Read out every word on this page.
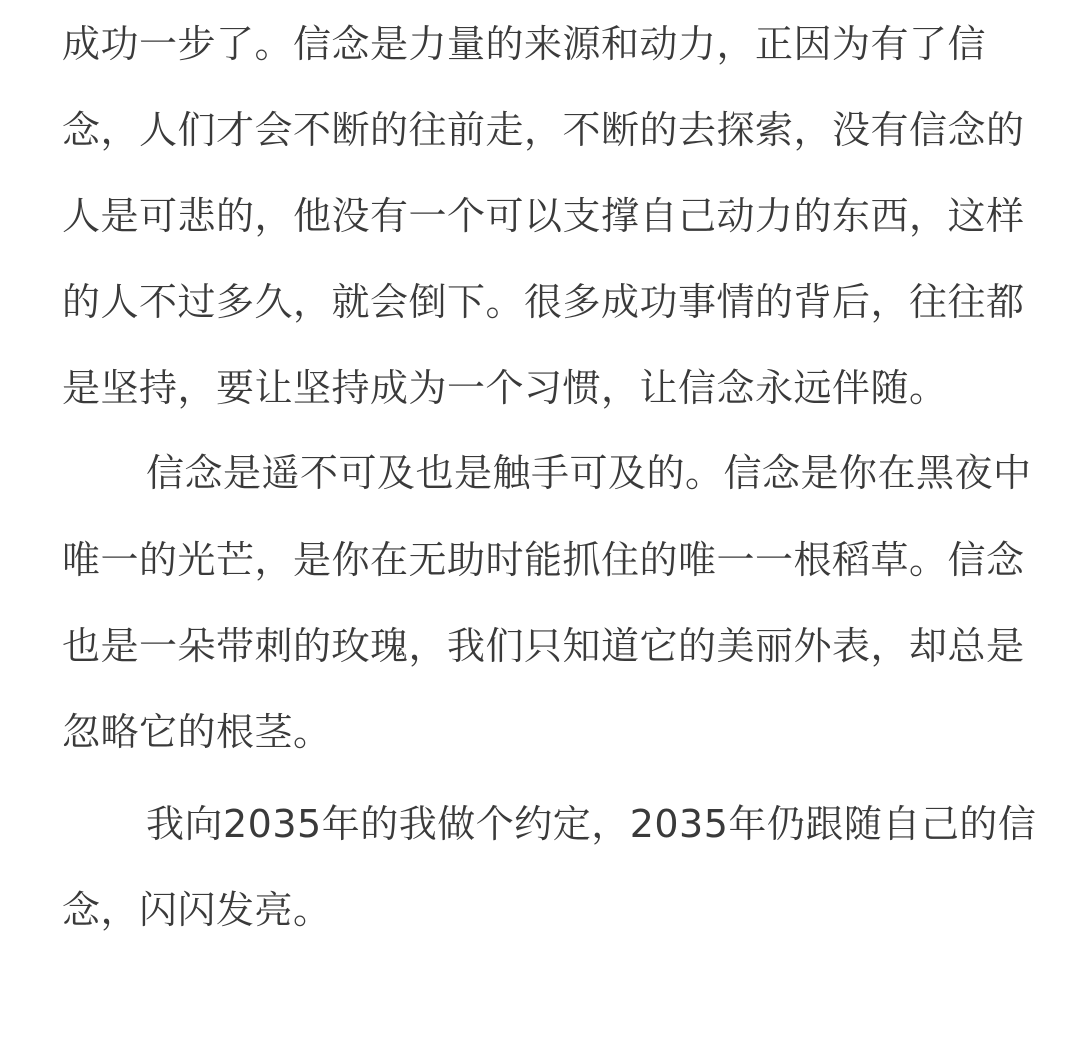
成功一步了。信念是力量的来源和动力，正因为有了信
念，人们才会不断的往前走，不断的去探索，没有信念的
人是可悲的，他没有一个可以支撑自己动力的东西，这样
的人不过多久，就会倒下。很多成功事情的背后，往往都
是坚持，要让坚持成为一个习惯，让信念永远伴随。
信念是遥不可及也是触手可及的。信念是你在黑夜中
唯一的光芒，是你在无助时能抓住的唯一一根稻草。信念
也是一朵带刺的玫瑰，我们只知道它的美丽外表，却总是
忽略它的根茎。
我向2035年的我做个约定，2035年仍跟随自己的信
念，闪闪发亮。
